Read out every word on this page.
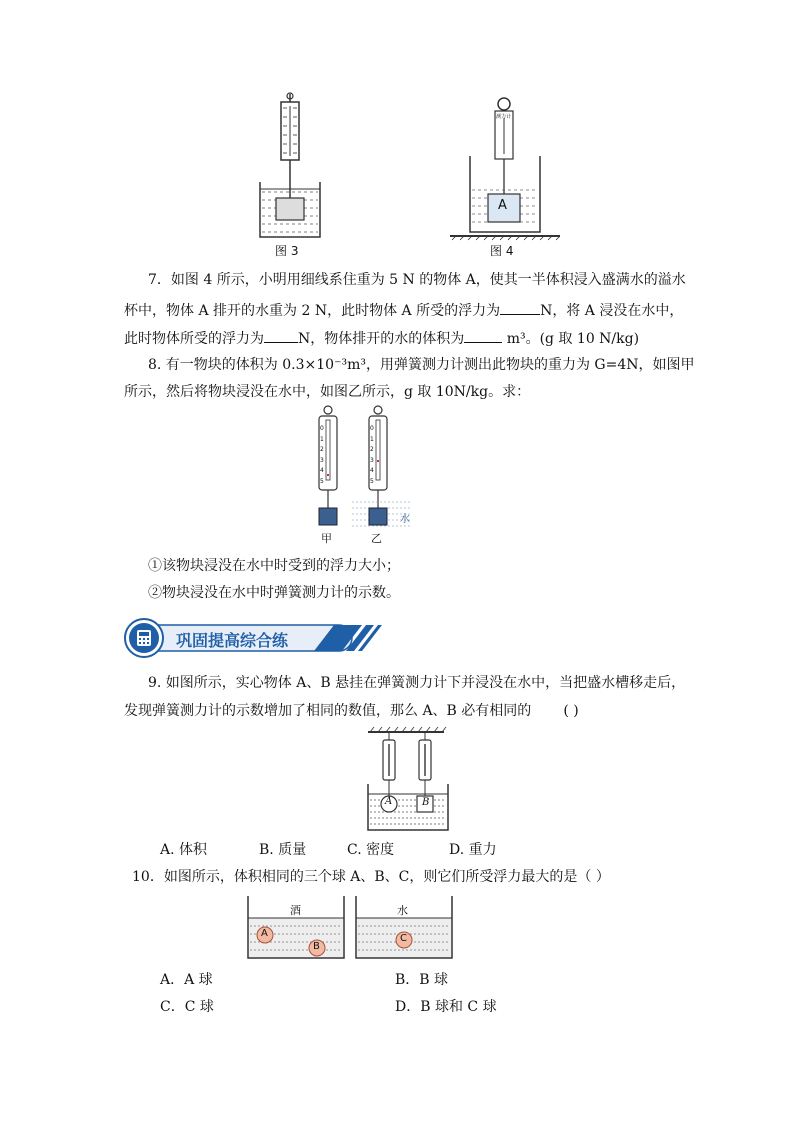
图 3
测力计
A
图 4
7．如图 4 所示，小明用细线系住重为 5 N 的物体 A，使其一半体积浸入盛满水的溢水
杯中，物体 A 排开的水重为 2 N，此时物体 A 所受的浮力为	N，将 A 浸没在水中，
此时物体所受的浮力为 N，物体排开的水的体积为	m³。(g 取 10 N/kg)
8. 有一物块的体积为 0.3×10⁻³m³，用弹簧测力计测出此物块的重力为 G=4N，如图甲
所示，然后将物块浸没在水中，如图乙所示，g 取 10N/kg。求：
0
1
2
3
4
5
0
1
2
3
4
5
水
甲	乙
①该物块浸没在水中时受到的浮力大小；
②物块浸没在水中时弹簧测力计的示数。
巩固提高综合练
9. 如图所示，实心物体 A、B 悬挂在弹簧测力计下并浸没在水中，当把盛水槽移走后，
发现弹簧测力计的示数增加了相同的数值，那么 A、B 必有相同的 ( )
A	B
A. 体积	B. 质量	C. 密度	D. 重力
10．如图所示，体积相同的三个球 A、B、C，则它们所受浮力最大的是（ ）
酒	水
A
B
C
A．A 球	B．B 球
C．C 球	D．B 球和 C 球
